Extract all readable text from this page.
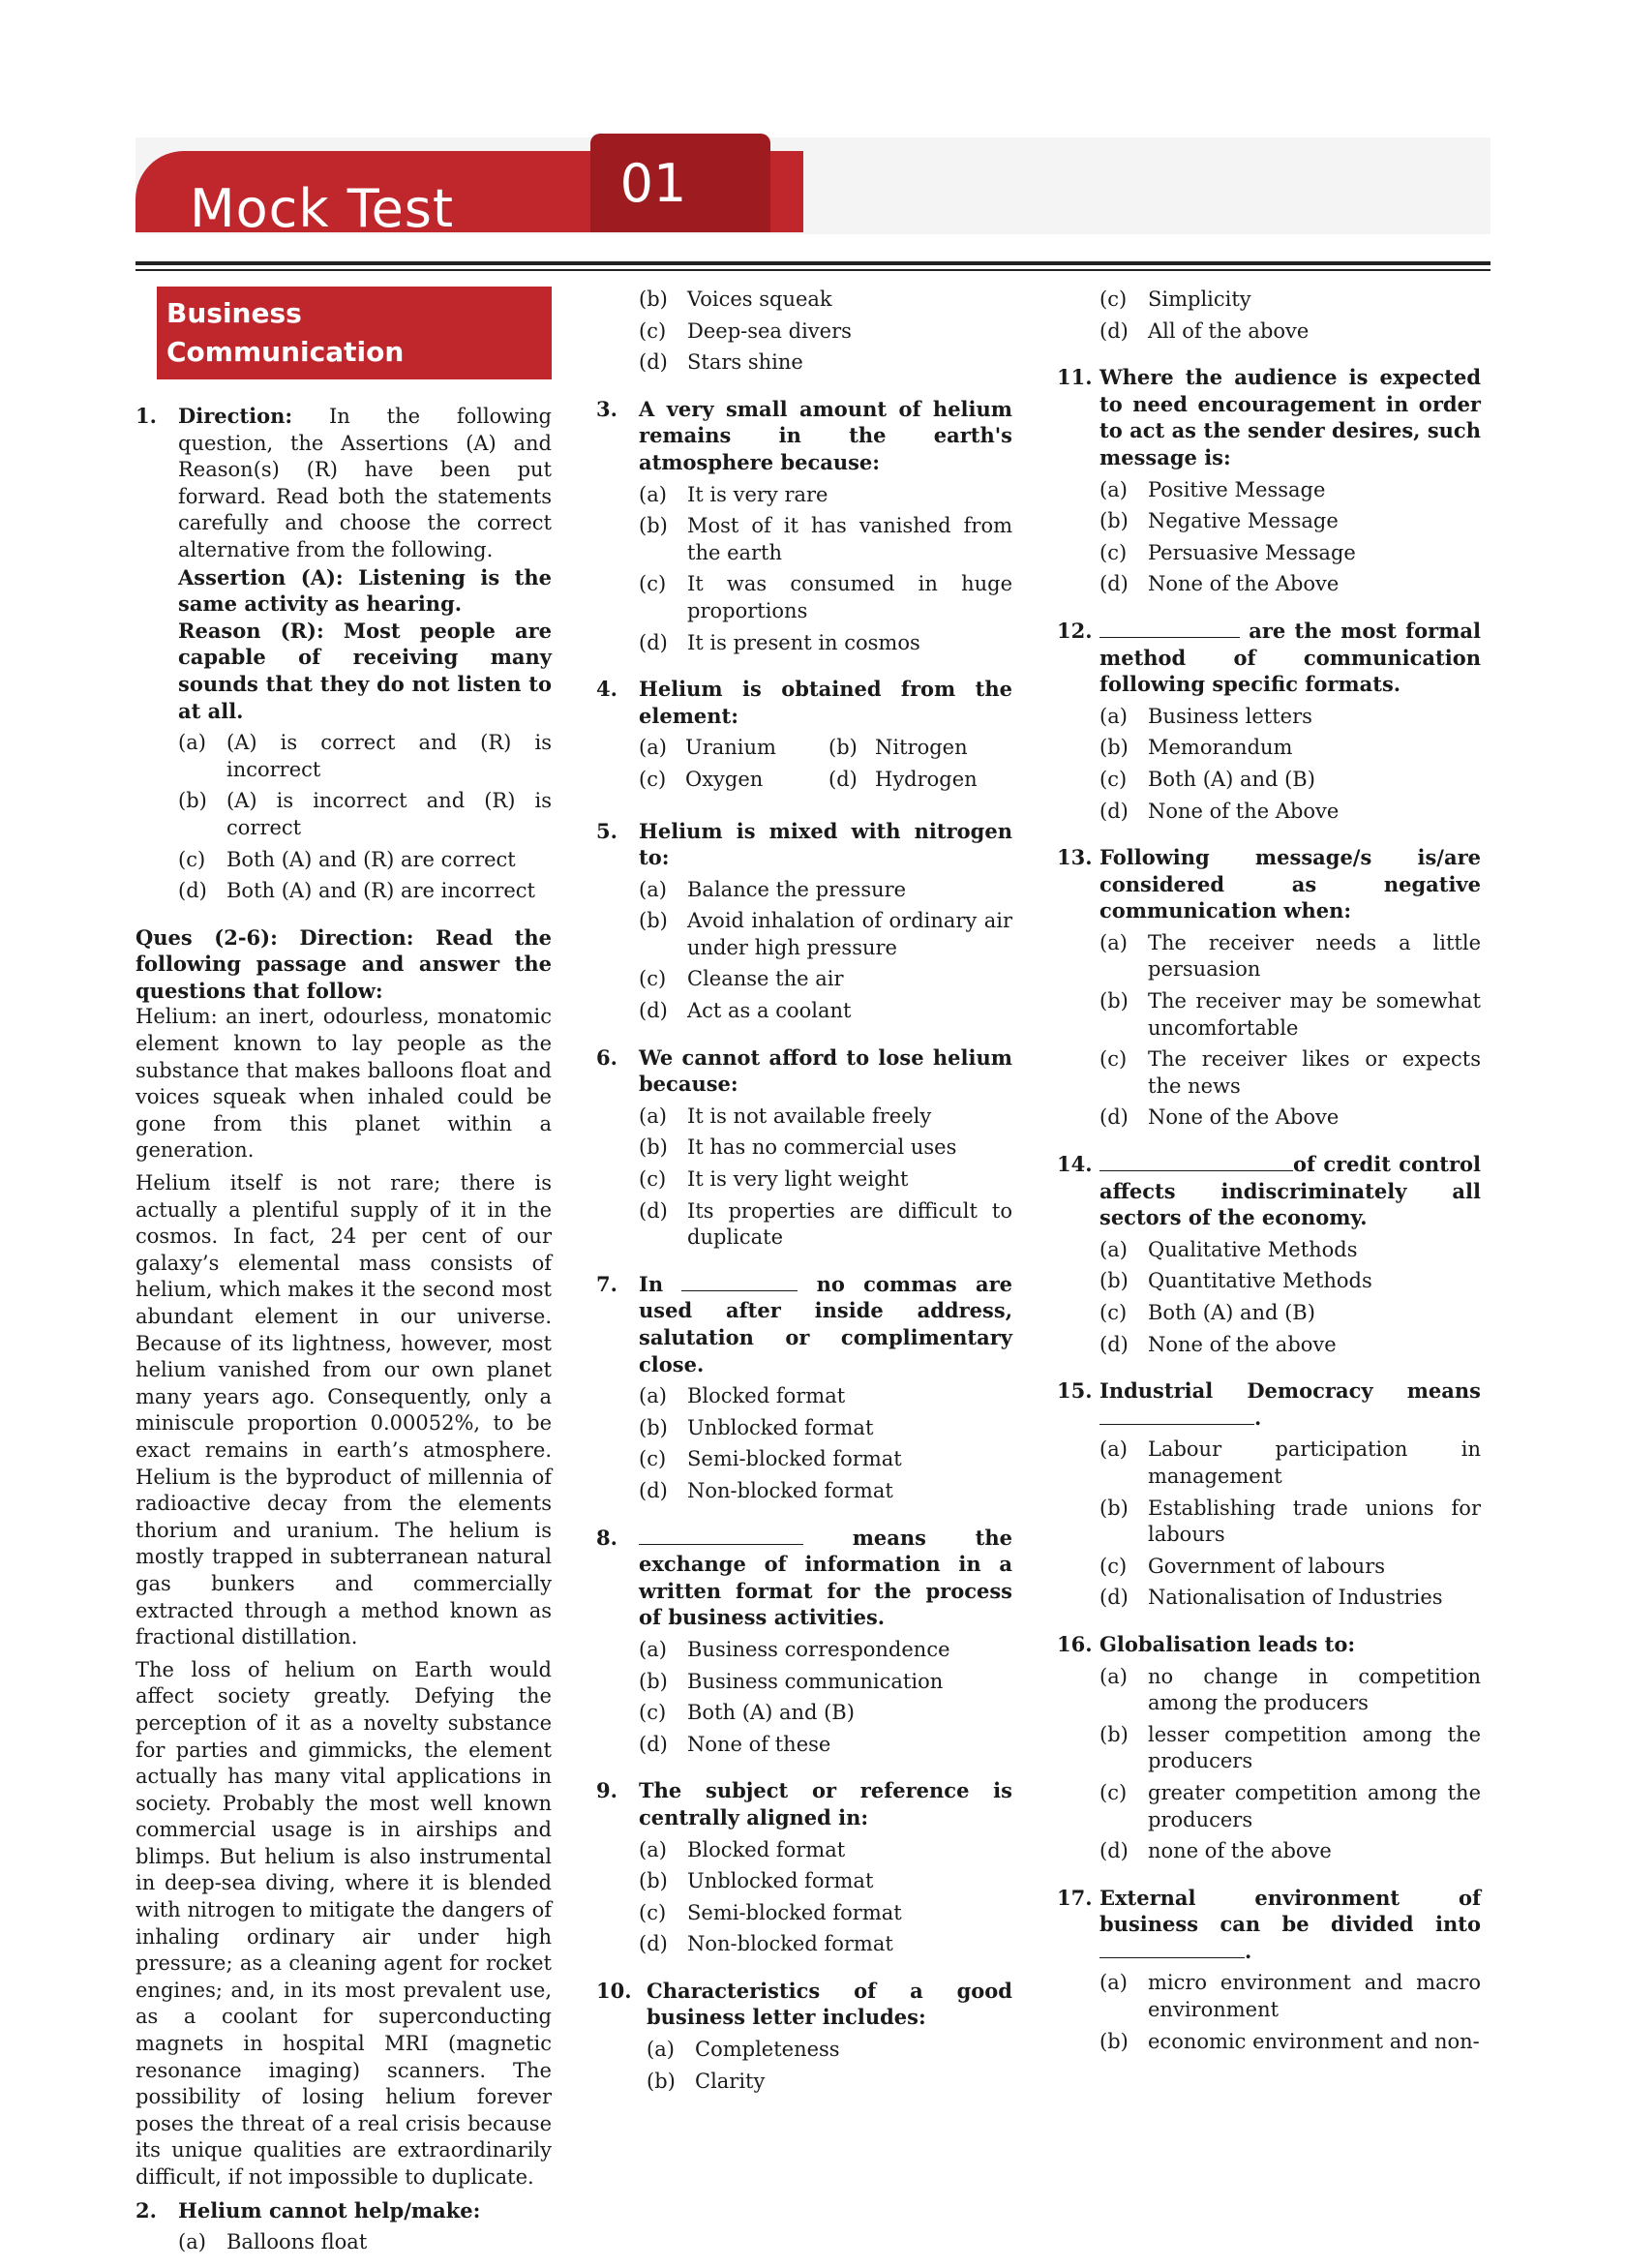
Mock Test	01
Business Communication
1. Direction: In the following question, the Assertions (A) and Reason(s) (R) have been put forward. Read both the statements carefully and choose the correct alternative from the following.
Assertion (A): Listening is the same activity as hearing.
Reason (R): Most people are capable of receiving many sounds that they do not listen to at all.
(a) (A) is correct and (R) is incorrect
(b) (A) is incorrect and (R) is correct
(c) Both (A) and (R) are correct
(d) Both (A) and (R) are incorrect
Ques (2-6): Direction: Read the following passage and answer the questions that follow:
Helium: an inert, odourless, monatomic element known to lay people as the substance that makes balloons float and voices squeak when inhaled could be gone from this planet within a generation.
Helium itself is not rare; there is actually a plentiful supply of it in the cosmos. In fact, 24 per cent of our galaxy’s elemental mass consists of helium, which makes it the second most abundant element in our universe. Because of its lightness, however, most helium vanished from our own planet many years ago. Consequently, only a miniscule proportion 0.00052%, to be exact remains in earth’s atmosphere. Helium is the byproduct of millennia of radioactive decay from the elements thorium and uranium. The helium is mostly trapped in subterranean natural gas bunkers and commercially extracted through a method known as fractional distillation.
The loss of helium on Earth would affect society greatly. Defying the perception of it as a novelty substance for parties and gimmicks, the element actually has many vital applications in society. Probably the most well known commercial usage is in airships and blimps. But helium is also instrumental in deep-sea diving, where it is blended with nitrogen to mitigate the dangers of inhaling ordinary air under high pressure; as a cleaning agent for rocket engines; and, in its most prevalent use, as a coolant for superconducting magnets in hospital MRI (magnetic resonance imaging) scanners. The possibility of losing helium forever poses the threat of a real crisis because its unique qualities are extraordinarily difficult, if not impossible to duplicate.
2. Helium cannot help/make:
(a) Balloons float
(b) Voices squeak
(c) Deep-sea divers
(d) Stars shine
3. A very small amount of helium remains in the earth's atmosphere because:
(a) It is very rare
(b) Most of it has vanished from the earth
(c) It was consumed in huge proportions
(d) It is present in cosmos
4. Helium is obtained from the element:
(a) Uranium	(b) Nitrogen
(c) Oxygen	(d) Hydrogen
5. Helium is mixed with nitrogen to:
(a) Balance the pressure
(b) Avoid inhalation of ordinary air under high pressure
(c) Cleanse the air
(d) Act as a coolant
6. We cannot afford to lose helium because:
(a) It is not available freely
(b) It has no commercial uses
(c) It is very light weight
(d) Its properties are difficult to duplicate
7. In	no commas are used after inside address, salutation or complimentary close.
(a) Blocked format
(b) Unblocked format
(c) Semi-blocked format
(d) Non-blocked format
8.	means the exchange of information in a written format for the process of business activities.
(a) Business correspondence
(b) Business communication
(c) Both (A) and (B)
(d) None of these
9. The subject or reference is centrally aligned in:
(a) Blocked format
(b) Unblocked format
(c) Semi-blocked format
(d) Non-blocked format
10. Characteristics of a good business letter includes:
(a) Completeness
(b) Clarity
(c) Simplicity
(d) All of the above
11. Where the audience is expected to need encouragement in order to act as the sender desires, such message is:
(a) Positive Message
(b) Negative Message
(c) Persuasive Message
(d) None of the Above
12.	are the most formal method of communication following specific formats.
(a) Business letters
(b) Memorandum
(c) Both (A) and (B)
(d) None of the Above
13. Following message/s is/are considered as negative communication when:
(a) The receiver needs a little persuasion
(b) The receiver may be somewhat uncomfortable
(c) The receiver likes or expects the news
(d) None of the Above
14.	of credit control affects indiscriminately all sectors of the economy.
(a) Qualitative Methods
(b) Quantitative Methods
(c) Both (A) and (B)
(d) None of the above
15. Industrial Democracy means.
(a) Labour participation in management
(b) Establishing trade unions for labours
(c) Government of labours
(d) Nationalisation of Industries
16. Globalisation leads to:
(a) no change in competition among the producers
(b) lesser competition among the producers
(c) greater competition among the producers
(d) none of the above
17. External environment of business can be divided into.
(a) micro environment and macro environment
(b) economic environment and non-
